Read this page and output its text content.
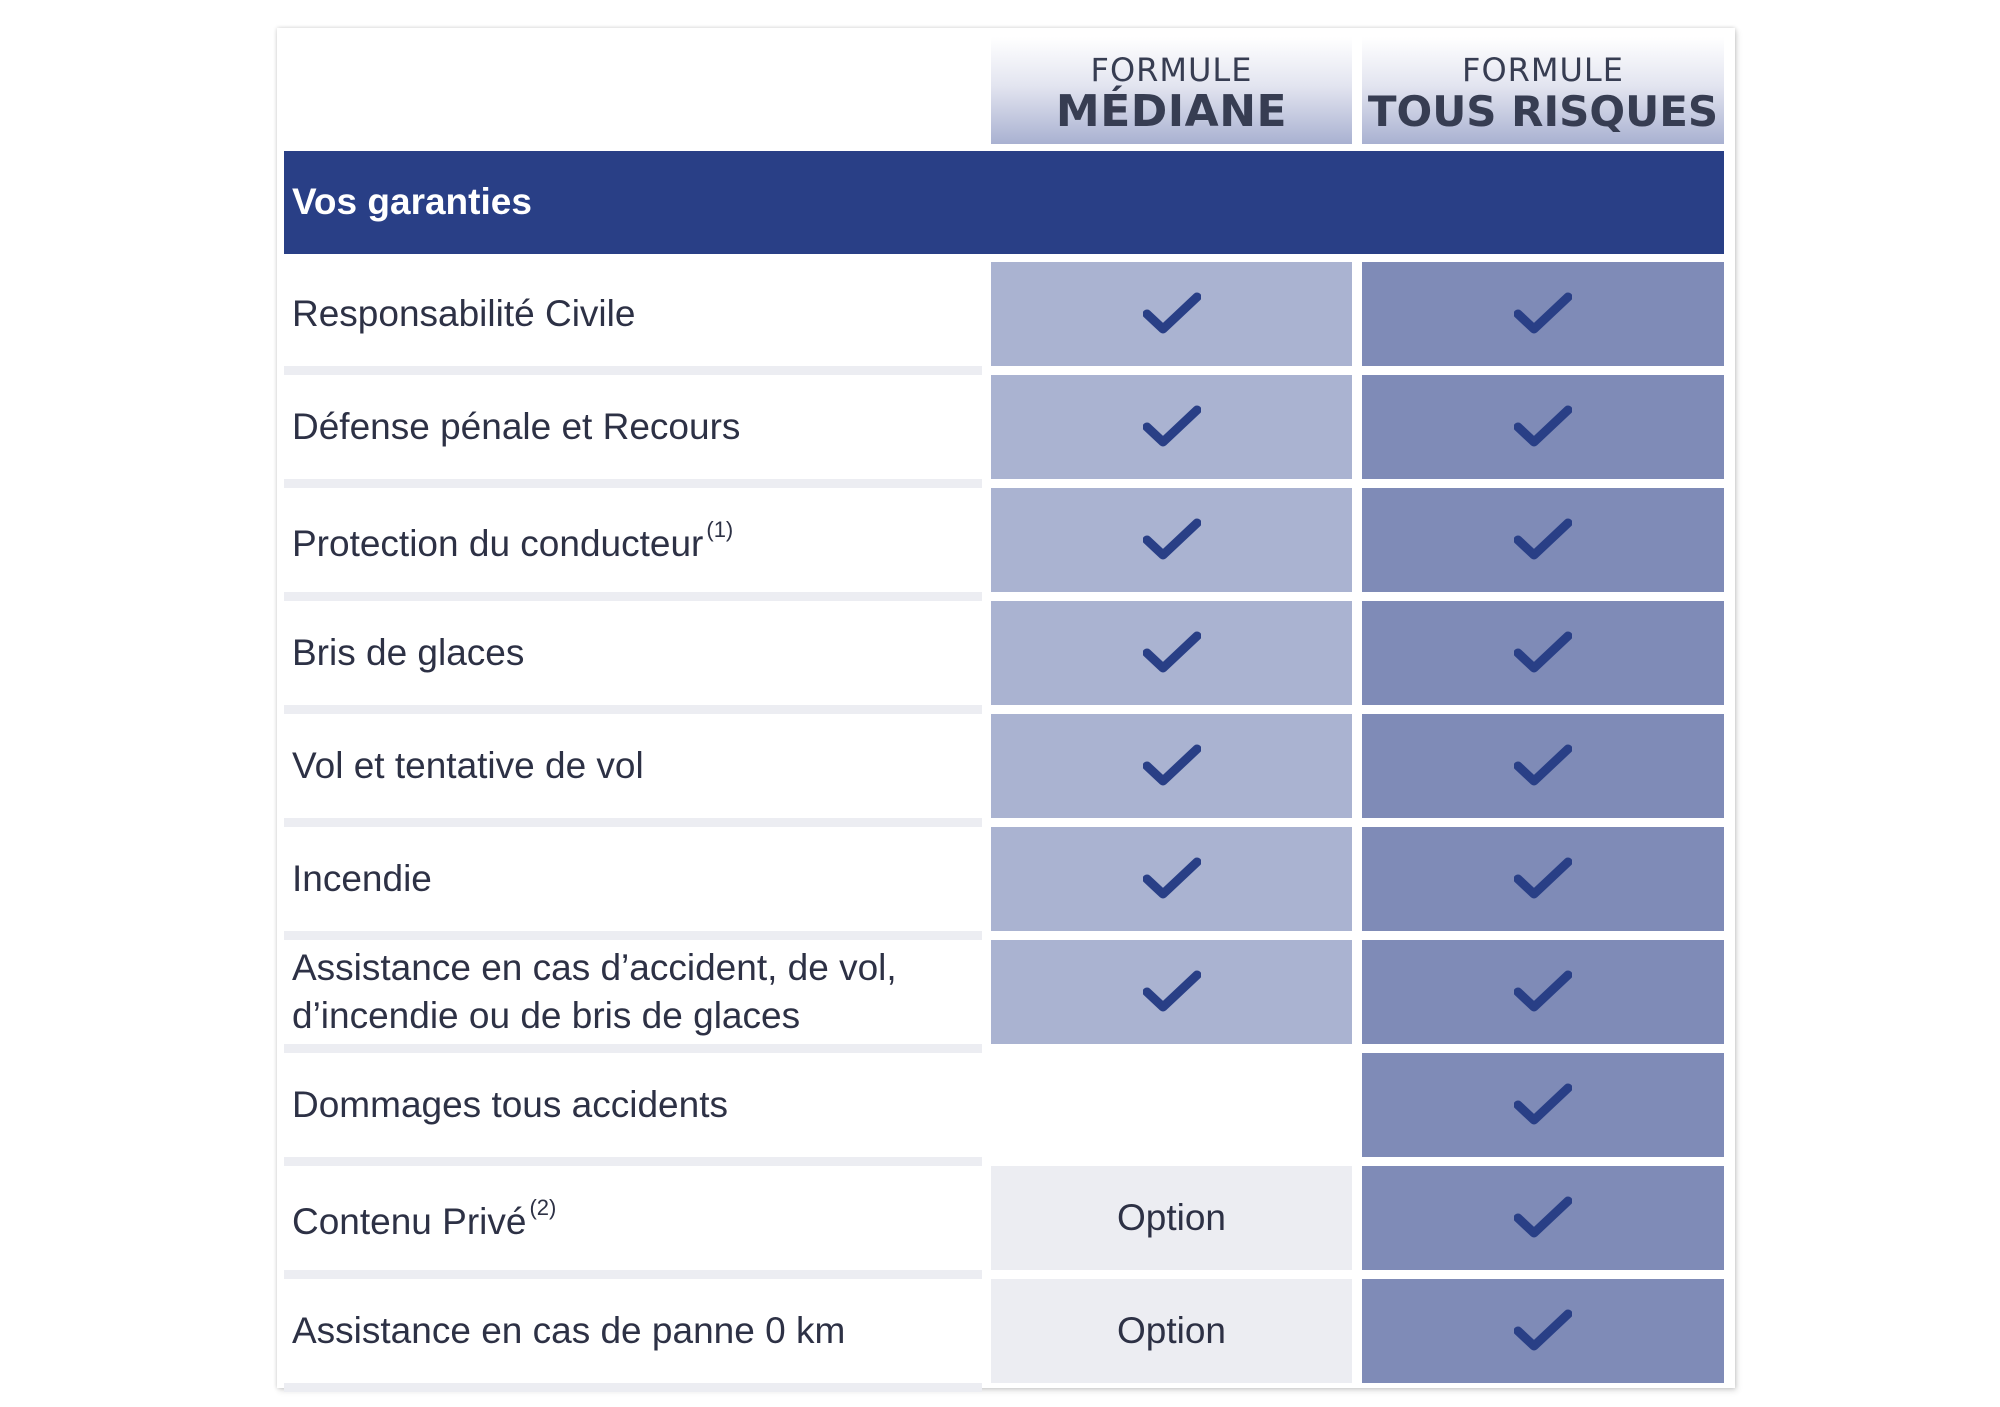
FORMULE
MÉDIANE
FORMULE
TOUS RISQUES
Vos garanties
Responsabilité Civile
Défense pénale et Recours
Protection du conducteur $^{(1)}$
Bris de glaces
Vol et tentative de vol
Incendie
Assistance en cas d’accident, de vol,
d’incendie ou de bris de glaces
Dommages tous accidents
Contenu Privé $^{(2)}$	Option
Assistance en cas de panne 0 km	Option
